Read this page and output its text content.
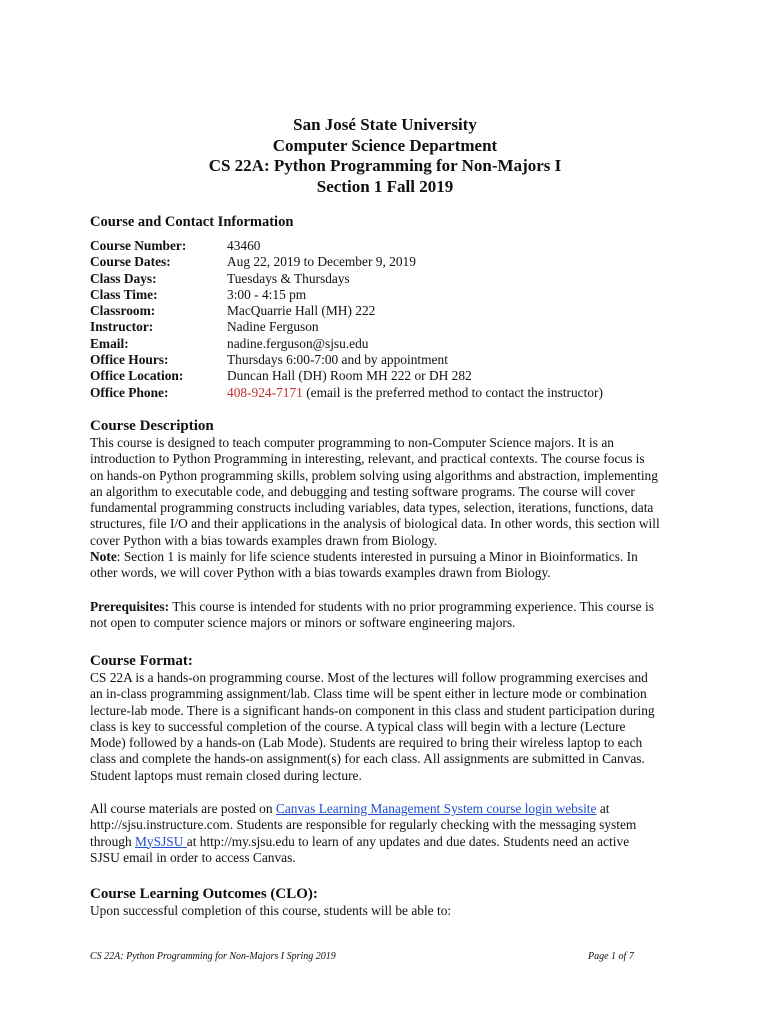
San José State University
Computer Science Department
CS 22A: Python Programming for Non-Majors I
Section 1 Fall 2019
Course and Contact Information
Course Number:	43460
Course Dates:	Aug 22, 2019 to December 9, 2019
Class Days:	Tuesdays & Thursdays
Class Time:	3:00 - 4:15 pm
Classroom:	MacQuarrie Hall (MH) 222
Instructor:	Nadine Ferguson
Email:	nadine.ferguson@sjsu.edu
Office Hours:	Thursdays 6:00-7:00 and by appointment
Office Location:	Duncan Hall (DH) Room MH 222 or DH 282
Office Phone:	408-924-7171 (email is the preferred method to contact the instructor)
Course Description
This course is designed to teach computer programming to non-Computer Science majors. It is an
introduction to Python Programming in interesting, relevant, and practical contexts. The course focus is
on hands-on Python programming skills, problem solving using algorithms and abstraction, implementing
an algorithm to executable code, and debugging and testing software programs. The course will cover
fundamental programming constructs including variables, data types, selection, iterations, functions, data
structures, file I/O and their applications in the analysis of biological data. In other words, this section will
cover Python with a bias towards examples drawn from Biology.
Note: Section 1 is mainly for life science students interested in pursuing a Minor in Bioinformatics. In
other words, we will cover Python with a bias towards examples drawn from Biology.
Prerequisites: This course is intended for students with no prior programming experience. This course is
not open to computer science majors or minors or software engineering majors.
Course Format:
CS 22A is a hands-on programming course. Most of the lectures will follow programming exercises and
an in-class programming assignment/lab. Class time will be spent either in lecture mode or combination
lecture-lab mode. There is a significant hands-on component in this class and student participation during
class is key to successful completion of the course. A typical class will begin with a lecture (Lecture
Mode) followed by a hands-on (Lab Mode). Students are required to bring their wireless laptop to each
class and complete the hands-on assignment(s) for each class. All assignments are submitted in Canvas.
Student laptops must remain closed during lecture.
All course materials are posted on Canvas Learning Management System course login website at
http://sjsu.instructure.com. Students are responsible for regularly checking with the messaging system
through MySJSU at http://my.sjsu.edu to learn of any updates and due dates. Students need an active
SJSU email in order to access Canvas.
Course Learning Outcomes (CLO):
Upon successful completion of this course, students will be able to:
CS 22A: Python Programming for Non-Majors I Spring 2019	Page 1 of 7
